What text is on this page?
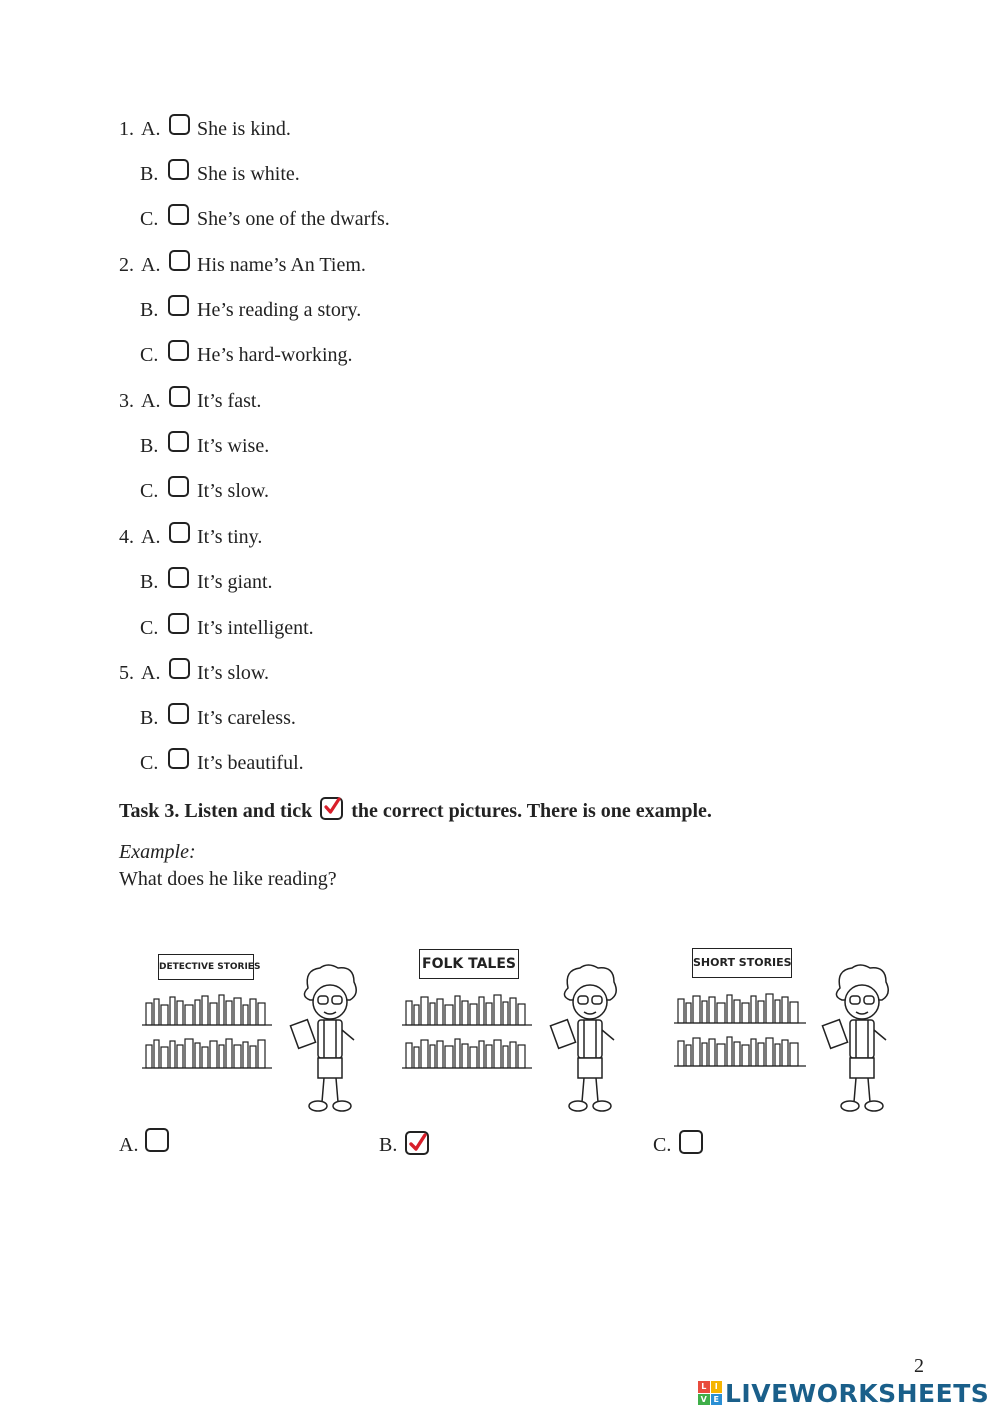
1. A. She is kind.
B. She is white.
C. She’s one of the dwarfs.
2. A. His name’s An Tiem.
B. He’s reading a story.
C. He’s hard-working.
3. A. It’s fast.
B. It’s wise.
C. It’s slow.
4. A. It’s tiny.
B. It’s giant.
C. It’s intelligent.
5. A. It’s slow.
B. It’s careless.
C. It’s beautiful.
Task 3. Listen and tick the correct pictures. There is one example.
Example:
What does he like reading?
DETECTIVE STORIES	FOLK TALES	SHORT STORIES
A.	B.	C.
2
L	I
V E LIVEWORKSHEETS
